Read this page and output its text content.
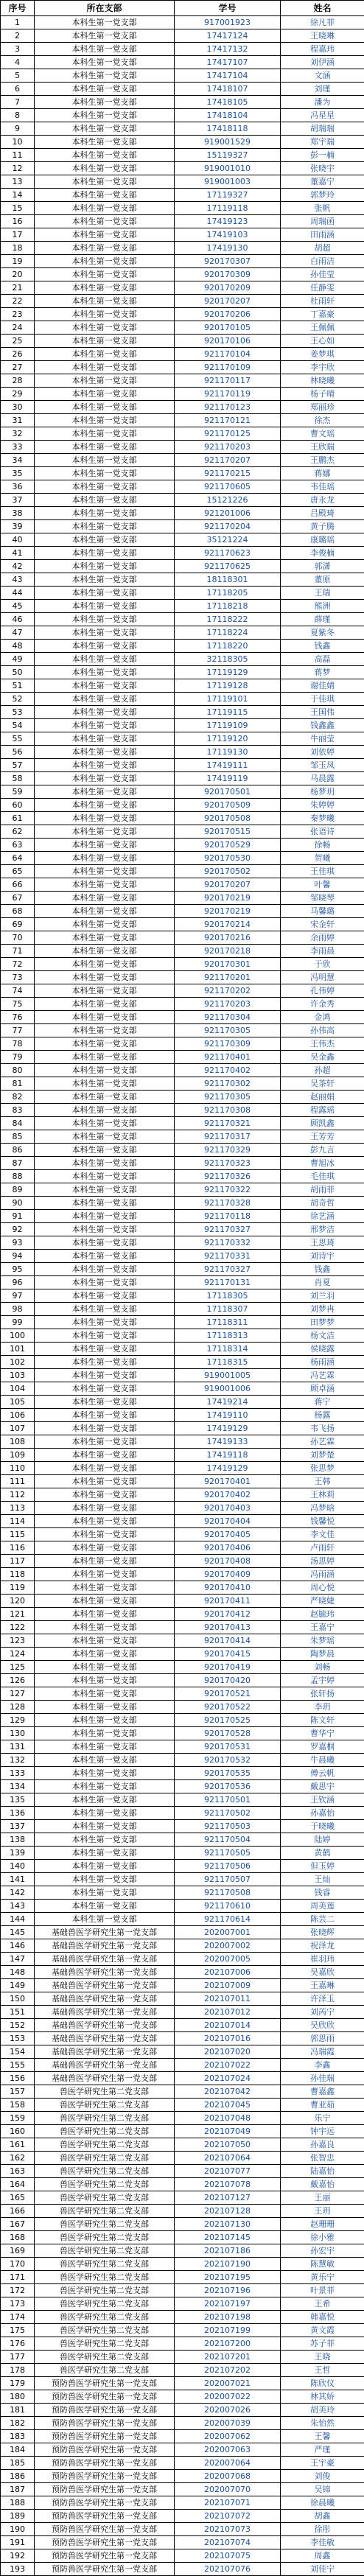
序号	所在支部	学号	姓名
1	本科生第一党支部	917001923	徐凡菲
2	本科生第一党支部	17417124	王晓琳
3	本科生第一党支部	17417132	程嘉玮
4	本科生第一党支部	17417107	刘伊涵
5	本科生第一党支部	17417104	文涵
6	本科生第一党支部	17418107	刘瑾
7	本科生第一党支部	17418105	潘为
8	本科生第一党支部	17418104	冯星星
9	本科生第一党支部	17418118	胡瑞瑞
10	本科生第一党支部	919001529	郑宇瑞
11	本科生第一党支部	15119327	彭一楠
12	本科生第一党支部	919001010	张晓宇
13	本科生第一党支部	919001003	董嘉宁
14	本科生第一党支部	17119327	郭梦玲
15	本科生第一党支部	17119118	张帆
16	本科生第一党支部	17419123	周瑞函
17	本科生第一党支部	17419103	田雨涵
18	本科生第一党支部	17419130	胡超
19	本科生第一党支部	920170307	白雨洁
20	本科生第一党支部	920170309	孙佳莹
21	本科生第一党支部	920170209	任静雯
22	本科生第一党支部	920170207	杜雨轩
23	本科生第一党支部	920170206	丁嘉豪
24	本科生第一党支部	920170105	王佩佩
25	本科生第一党支部	920170106	王心如
26	本科生第一党支部	921170104	姜梦琪
27	本科生第一党支部	921170109	李宇欣
28	本科生第一党支部	921170117	林晓曦
29	本科生第一党支部	921170119	杨子晴
30	本科生第一党支部	921170123	郑丽珍
31	本科生第一党支部	921170121	徐杰
32	本科生第一党支部	921170125	曹文瑶
33	本科生第一党支部	921170203	王欣瑞
34	本科生第一党支部	921170207	王鹏杰
35	本科生第一党支部	921170215	蒋娜
36	本科生第一党支部	921170605	韦佳瑶
37	本科生第一党支部	15121226	唐永龙
38	本科生第一党支部	921201006	吕殿琦
39	本科生第一党支部	921170204	黄子腾
40	本科生第一党支部	35121224	康璐瑶
41	本科生第一党支部	921170623	李俊楠
42	本科生第一党支部	921170625	郭潇
43	本科生第一党支部	18118301	董原
44	本科生第一党支部	17118205	王瑞
45	本科生第一党支部	17118218	熊洲
46	本科生第一党支部	17118222	薛瑾
47	本科生第一党支部	17118224	夏紫冬
48	本科生第一党支部	17118220	钱鑫
49	本科生第一党支部	32118305	高磊
50	本科生第一党支部	17119129	蒋梦
51	本科生第一党支部	17119128	谢佳婧
52	本科生第一党支部	17119101	于佳琪
53	本科生第一党支部	17119115	王国伟
54	本科生第一党支部	17119109	钱鑫鑫
55	本科生第一党支部	17119120	牛丽莹
56	本科生第一党支部	17119130	刘依婷
57	本科生第一党支部	17419111	邹玉凤
58	本科生第一党支部	17419119	马晨露
59	本科生第一党支部	920170501	杨梦玥
60	本科生第一党支部	920170509	朱婷婷
61	本科生第一党支部	920170508	秦梦曦
62	本科生第一党支部	920170515	张语诗
63	本科生第一党支部	920170529	徐畅
64	本科生第一党支部	920170530	贺曦
65	本科生第一党支部	920170502	王佳琪
66	本科生第一党支部	920170207	叶馨
67	本科生第一党支部	920170219	邹晓琴
68	本科生第一党支部	920170219	马馨璐
69	本科生第一党支部	920170214	宋金轩
70	本科生第一党支部	920170216	余雨婷
71	本科生第一党支部	920170218	李雨晨
72	本科生第一党支部	920170301	于欣
73	本科生第一党支部	921170201	冯明慧
74	本科生第一党支部	921170202	孔伟婷
75	本科生第一党支部	921170203	许金秀
76	本科生第一党支部	921170304	金鸿
77	本科生第一党支部	921170305	孙伟高
78	本科生第一党支部	921170309	王伟杰
79	本科生第一党支部	921170401	吴金鑫
80	本科生第一党支部	921170402	孙超
81	本科生第一党支部	921170302	吴茶轩
82	本科生第一党支部	921170305	赵丽娟
83	本科生第一党支部	921170308	程露瑶
84	本科生第一党支部	921170321	顾凯鑫
85	本科生第一党支部	921170317	王芳芳
86	本科生第一党支部	921170329	彭九言
87	本科生第一党支部	921170323	曹旭冰
88	本科生第一党支部	921170326	毛佳琪
89	本科生第一党支部	921170322	胡雨菲
90	本科生第一党支部	921170328	胡奇哲
91	本科生第一党支部	921170118	徐艺涵
92	本科生第一党支部	921170327	邢梦洁
93	本科生第一党支部	921170332	王思琦
94	本科生第一党支部	921170331	刘诗宇
95	本科生第一党支部	921170327	钱鑫
96	本科生第一党支部	921170131	肖夏
97	本科生第一党支部	17118305	刘兰羽
98	本科生第一党支部	17118307	刘梦冉
99	本科生第一党支部	17118311	田梦梦
100	本科生第一党支部	17118313	杨文洁
101	本科生第一党支部	17118314	侯晓露
102	本科生第一党支部	17118315	杨雨涵
103	本科生第一党支部	919001005	冯艺霖
104	本科生第一党支部	919001006	顾卓涵
105	本科生第一党支部	17419214	蒋宁
106	本科生第一党支部	17419110	杨露
107	本科生第一党支部	17419129	韦飞扬
108	本科生第一党支部	17419133	孙艺霖
109	本科生第一党支部	17419118	刘梦楚
110	本科生第一党支部	17419129	张思梦
111	本科生第一党支部	920170401	王韩
112	本科生第一党支部	920170402	王林莉
113	本科生第一党支部	920170403	冯梦晗
114	本科生第一党支部	920170404	钱馨悦
115	本科生第一党支部	920170405	李文佳
116	本科生第一党支部	920170406	卢雨轩
117	本科生第一党支部	920170408	汤思婷
118	本科生第一党支部	920170409	冯雨涵
119	本科生第一党支部	920170410	周心悦
120	本科生第一党支部	920170411	严晓婕
121	本科生第一党支部	920170412	赵毓玮
122	本科生第一党支部	920170413	王嘉宁
123	本科生第一党支部	920170414	朱梦瑶
124	本科生第一党支部	920170415	陶梦晨
125	本科生第一党支部	920170419	刘畅
126	本科生第一党支部	920170420	孟宇婷
127	本科生第一党支部	920170521	张轩扬
128	本科生第一党支部	920170522	李玥
129	本科生第一党支部	920170525	陈文轩
130	本科生第一党支部	920170528	曹华宁
131	本科生第一党支部	920170531	罗嘉桐
132	本科生第一党支部	920170532	牛晨曦
133	本科生第一党支部	920170535	傅云帆
134	本科生第一党支部	920170536	戴思宇
135	本科生第一党支部	921170501	王钦涵
136	本科生第一党支部	921170502	孙嘉怡
137	本科生第一党支部	921170503	于晓曦
138	本科生第一党支部	921170504	陆婷
139	本科生第一党支部	921170505	黄鹤
140	本科生第一党支部	921170506	但玉婷
141	本科生第一党支部	921170507	王灿
142	本科生第一党支部	921170508	钱睿
143	本科生第一党支部	921170610	周美莲
144	本科生第一党支部	921170614	陈芸二
145	基础兽医学研究生第一党支部	202007001	张晓辉
146	基础兽医学研究生第一党支部	202007002	祝泽龙
147	基础兽医学研究生第一党支部	202007005	崔羽玮
148	基础兽医学研究生第一党支部	202107006	吴嘉欣
149	基础兽医学研究生第一党支部	202107009	王嘉琳
150	基础兽医学研究生第一党支部	202107011	许泽玉
151	基础兽医学研究生第一党支部	202107012	刘芮宁
152	基础兽医学研究生第一党支部	202107014	吴欣欣
153	基础兽医学研究生第一党支部	202107016	郭思雨
154	基础兽医学研究生第一党支部	202107020	冯瑞霞
155	基础兽医学研究生第一党支部	202107022	李鑫
156	基础兽医学研究生第一党支部	202107024	孙佳瑞
157	兽医学研究生第二党支部	202107042	曹嘉鑫
158	兽医学研究生第二党支部	202107045	曹亚茹
159	兽医学研究生第二党支部	202107048	乐宁
160	兽医学研究生第二党支部	202107049	钟宇远
161	兽医学研究生第二党支部	202107050	孙嘉良
162	兽医学研究生第二党支部	202107064	张智忠
163	兽医学研究生第二党支部	202107077	陆嘉怡
164	兽医学研究生第二党支部	202107078	戴嘉怡
165	兽医学研究生第二党支部	202107127	王丽
166	兽医学研究生第二党支部	202107128	王玥
167	兽医学研究生第二党支部	202107130	赵珊珊
168	兽医学研究生第二党支部	202107145	徐小雅
169	兽医学研究生第二党支部	202107186	孙宏宇
170	兽医学研究生第二党支部	202107190	陈慧敏
171	兽医学研究生第二党支部	202107195	黄乐宁
172	兽医学研究生第二党支部	202107196	叶景菲
173	兽医学研究生第二党支部	202107197	王希
174	兽医学研究生第二党支部	202107198	韩嘉悦
175	兽医学研究生第二党支部	202107199	黄文霞
176	兽医学研究生第二党支部	202107200	苏子菲
177	兽医学研究生第二党支部	202107201	王晓
178	兽医学研究生第二党支部	202107202	王哲
179	预防兽医学研究生第一党支部	202007021	陈欣仪
180	预防兽医学研究生第一党支部	202007022	林其娇
181	预防兽医学研究生第一党支部	202007026	胡美玲
182	预防兽医学研究生第一党支部	202007039	朱怡然
183	预防兽医学研究生第一党支部	202007062	王馨
184	预防兽医学研究生第一党支部	202007063	严瑾
185	预防兽医学研究生第一党支部	202007064	王宇豪
186	预防兽医学研究生第一党支部	202007068	刘俊
187	预防兽医学研究生第一党支部	202007070	吴锦
188	预防兽医学研究生第一党支部	202107071	徐晨曦
189	预防兽医学研究生第一党支部	202107072	胡鑫
190	预防兽医学研究生第一党支部	202107073	徐彤
191	预防兽医学研究生第一党支部	202107074	李佳敏
192	预防兽医学研究生第一党支部	202107075	周鑫
193	预防兽医学研究生第一党支部	202107076	刘佳宁
